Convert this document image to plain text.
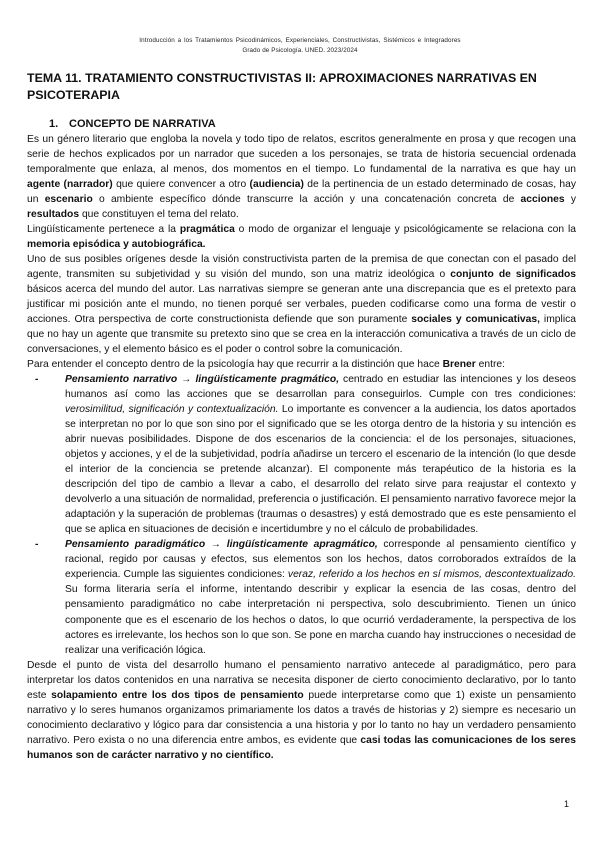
Introducción a los Tratamientos Psicodinámicos, Experienciales, Constructivistas, Sistémicos e Integradores
Grado de Psicología. UNED. 2023/2024
TEMA 11. TRATAMIENTO CONSTRUCTIVISTAS II: APROXIMACIONES NARRATIVAS EN PSICOTERAPIA
1. CONCEPTO DE NARRATIVA

Es un género literario que engloba la novela y todo tipo de relatos, escritos generalmente en prosa y que recogen una serie de hechos explicados por un narrador que suceden a los personajes, se trata de historia secuencial ordenada temporalmente que enlaza, al menos, dos momentos en el tiempo. Lo fundamental de la narrativa es que hay un agente (narrador) que quiere convencer a otro (audiencia) de la pertinencia de un estado determinado de cosas, hay un escenario o ambiente específico dónde transcurre la acción y una concatenación concreta de acciones y resultados que constituyen el tema del relato.

Lingüísticamente pertenece a la pragmática o modo de organizar el lenguaje y psicológicamente se relaciona con la memoria episódica y autobiográfica.

Uno de sus posibles orígenes desde la visión constructivista parten de la premisa de que conectan con el pasado del agente, transmiten su subjetividad y su visión del mundo, son una matriz ideológica o conjunto de significados básicos acerca del mundo del autor. Las narrativas siempre se generan ante una discrepancia que es el pretexto para justificar mi posición ante el mundo, no tienen porqué ser verbales, pueden codificarse como una forma de vestir o acciones. Otra perspectiva de corte constructionista defiende que son puramente sociales y comunicativas, implica que no hay un agente que transmite su pretexto sino que se crea en la interacción comunicativa a través de un ciclo de conversaciones, y el elemento básico es el poder o control sobre la comunicación.

Para entender el concepto dentro de la psicología hay que recurrir a la distinción que hace Brener entre:

-	Pensamiento narrativo → lingüísticamente pragmático, centrado en estudiar las intenciones y los deseos humanos así como las acciones que se desarrollan para conseguirlos. Cumple con tres condiciones: verosimilitud, significación y contextualización. Lo importante es convencer a la audiencia, los datos aportados se interpretan no por lo que son sino por el significado que se les otorga dentro de la historia y su intención es abrir nuevas posibilidades. Dispone de dos escenarios de la conciencia: el de los personajes, situaciones, objetos y acciones, y el de la subjetividad, podría añadirse un tercero el escenario de la intención (lo que desde el interior de la conciencia se pretende alcanzar). El componente más terapéutico de la historia es la descripción del tipo de cambio a llevar a cabo, el desarrollo del relato sirve para reajustar el contexto y devolverlo a una situación de normalidad, preferencia o justificación. El pensamiento narrativo favorece mejor la adaptación y la superación de problemas (traumas o desastres) y está demostrado que es este pensamiento el que se aplica en situaciones de decisión e incertidumbre y no el cálculo de probabilidades.

-	Pensamiento paradigmático → lingüísticamente apragmático, corresponde al pensamiento científico y racional, regido por causas y efectos, sus elementos son los hechos, datos corroborados extraídos de la experiencia. Cumple las siguientes condiciones: veraz, referido a los hechos en sí mismos, descontextualizado. Su forma literaria sería el informe, intentando describir y explicar la esencia de las cosas, dentro del pensamiento paradigmático no cabe interpretación ni perspectiva, solo descubrimiento. Tienen un único componente que es el escenario de los hechos o datos, lo que ocurrió verdaderamente, la perspectiva de los actores es irrelevante, los hechos son lo que son. Se pone en marcha cuando hay instrucciones o necesidad de realizar una verificación lógica.

Desde el punto de vista del desarrollo humano el pensamiento narrativo antecede al paradigmático, pero para interpretar los datos contenidos en una narrativa se necesita disponer de cierto conocimiento declarativo, por lo tanto este solapamiento entre los dos tipos de pensamiento puede interpretarse como que 1) existe un pensamiento narrativo y lo seres humanos organizamos primariamente los datos a través de historias y 2) siempre es necesario un conocimiento declarativo y lógico para dar consistencia a una historia y por lo tanto no hay un verdadero pensamiento narrativo. Pero exista o no una diferencia entre ambos, es evidente que casi todas las comunicaciones de los seres humanos son de carácter narrativo y no científico.

1
